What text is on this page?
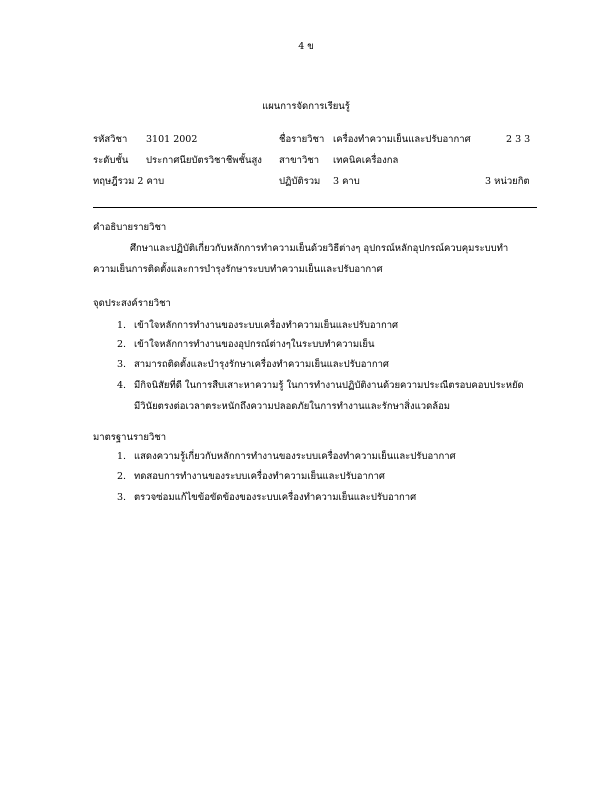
4 ข
แผนการจัดการเรียนรู้
รหัสวิชา 3101 2002	ชื่อรายวิชา เครื่องทำความเย็นและปรับอากาศ	2 3 3
ระดับชั้น ประกาศนียบัตรวิชาชีพชั้นสูง สาขาวิชา เทคนิคเครื่องกล
ทฤษฎีรวม 2 คาบ	ปฏิบัติรวม 3 คาบ	3 หน่วยกิต
คำอธิบายรายวิชา
ศึกษาและปฏิบัติเกี่ยวกับหลักการทำความเย็นด้วยวิธีต่างๆ อุปกรณ์หลักอุปกรณ์ควบคุมระบบทำ
ความเย็นการติดตั้งและการบำรุงรักษาระบบทำความเย็นและปรับอากาศ
จุดประสงค์รายวิชา
1. เข้าใจหลักการทำงานของระบบเครื่องทำความเย็นและปรับอากาศ
2. เข้าใจหลักการทำงานของอุปกรณ์ต่างๆในระบบทำความเย็น
3. สามารถติดตั้งและบำรุงรักษาเครื่องทำความเย็นและปรับอากาศ
4. มีกิจนิสัยที่ดี ในการสืบเสาะหาความรู้ ในการทำงานปฏิบัติงานด้วยความประณีตรอบคอบประหยัด
มีวินัยตรงต่อเวลาตระหนักถึงความปลอดภัยในการทำงานและรักษาสิ่งแวดล้อม
มาตรฐานรายวิชา
1. แสดงความรู้เกี่ยวกับหลักการทำงานของระบบเครื่องทำความเย็นและปรับอากาศ
2. ทดสอบการทำงานของระบบเครื่องทำความเย็นและปรับอากาศ
3. ตรวจซ่อมแก้ไขข้อขัดข้องของระบบเครื่องทำความเย็นและปรับอากาศ
